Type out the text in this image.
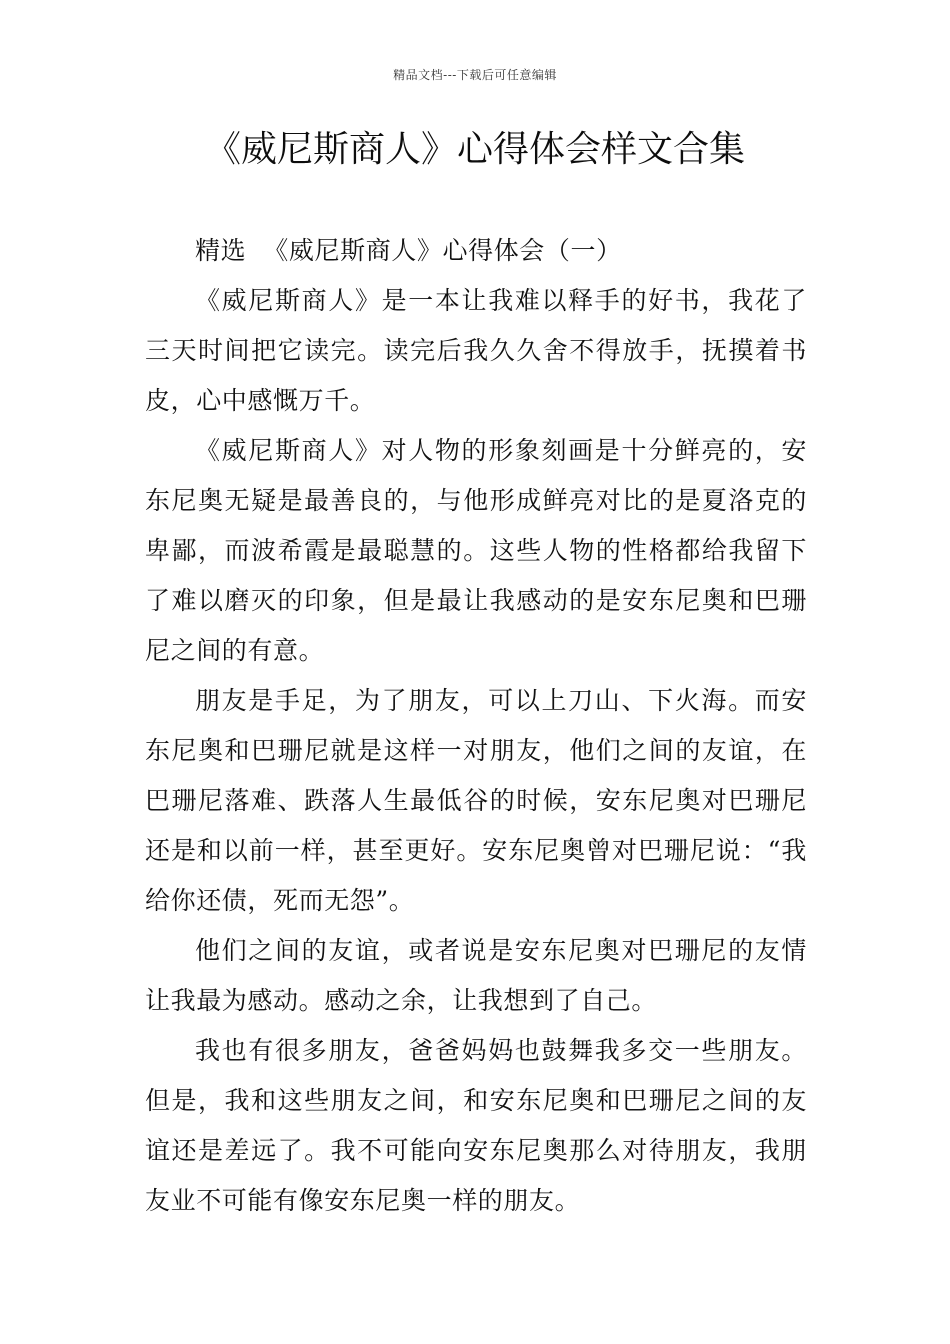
精品文档---下载后可任意编辑
《威尼斯商人》心得体会样文合集

精选  《威尼斯商人》心得体会（一）

《威尼斯商人》是一本让我难以释手的好书，我花了三天时间把它读完。读完后我久久舍不得放手，抚摸着书皮，心中感慨万千。

《威尼斯商人》对人物的形象刻画是十分鲜亮的，安东尼奥无疑是最善良的，与他形成鲜亮对比的是夏洛克的卑鄙，而波希霞是最聪慧的。这些人物的性格都给我留下了难以磨灭的印象，但是最让我感动的是安东尼奥和巴珊尼之间的有意。

朋友是手足，为了朋友，可以上刀山、下火海。而安东尼奥和巴珊尼就是这样一对朋友，他们之间的友谊，在巴珊尼落难、跌落人生最低谷的时候，安东尼奥对巴珊尼还是和以前一样，甚至更好。安东尼奥曾对巴珊尼说：“我给你还债，死而无怨”。

他们之间的友谊，或者说是安东尼奥对巴珊尼的友情让我最为感动。感动之余，让我想到了自己。

我也有很多朋友，爸爸妈妈也鼓舞我多交一些朋友。但是，我和这些朋友之间，和安东尼奥和巴珊尼之间的友谊还是差远了。我不可能向安东尼奥那么对待朋友，我朋友业不可能有像安东尼奥一样的朋友。
